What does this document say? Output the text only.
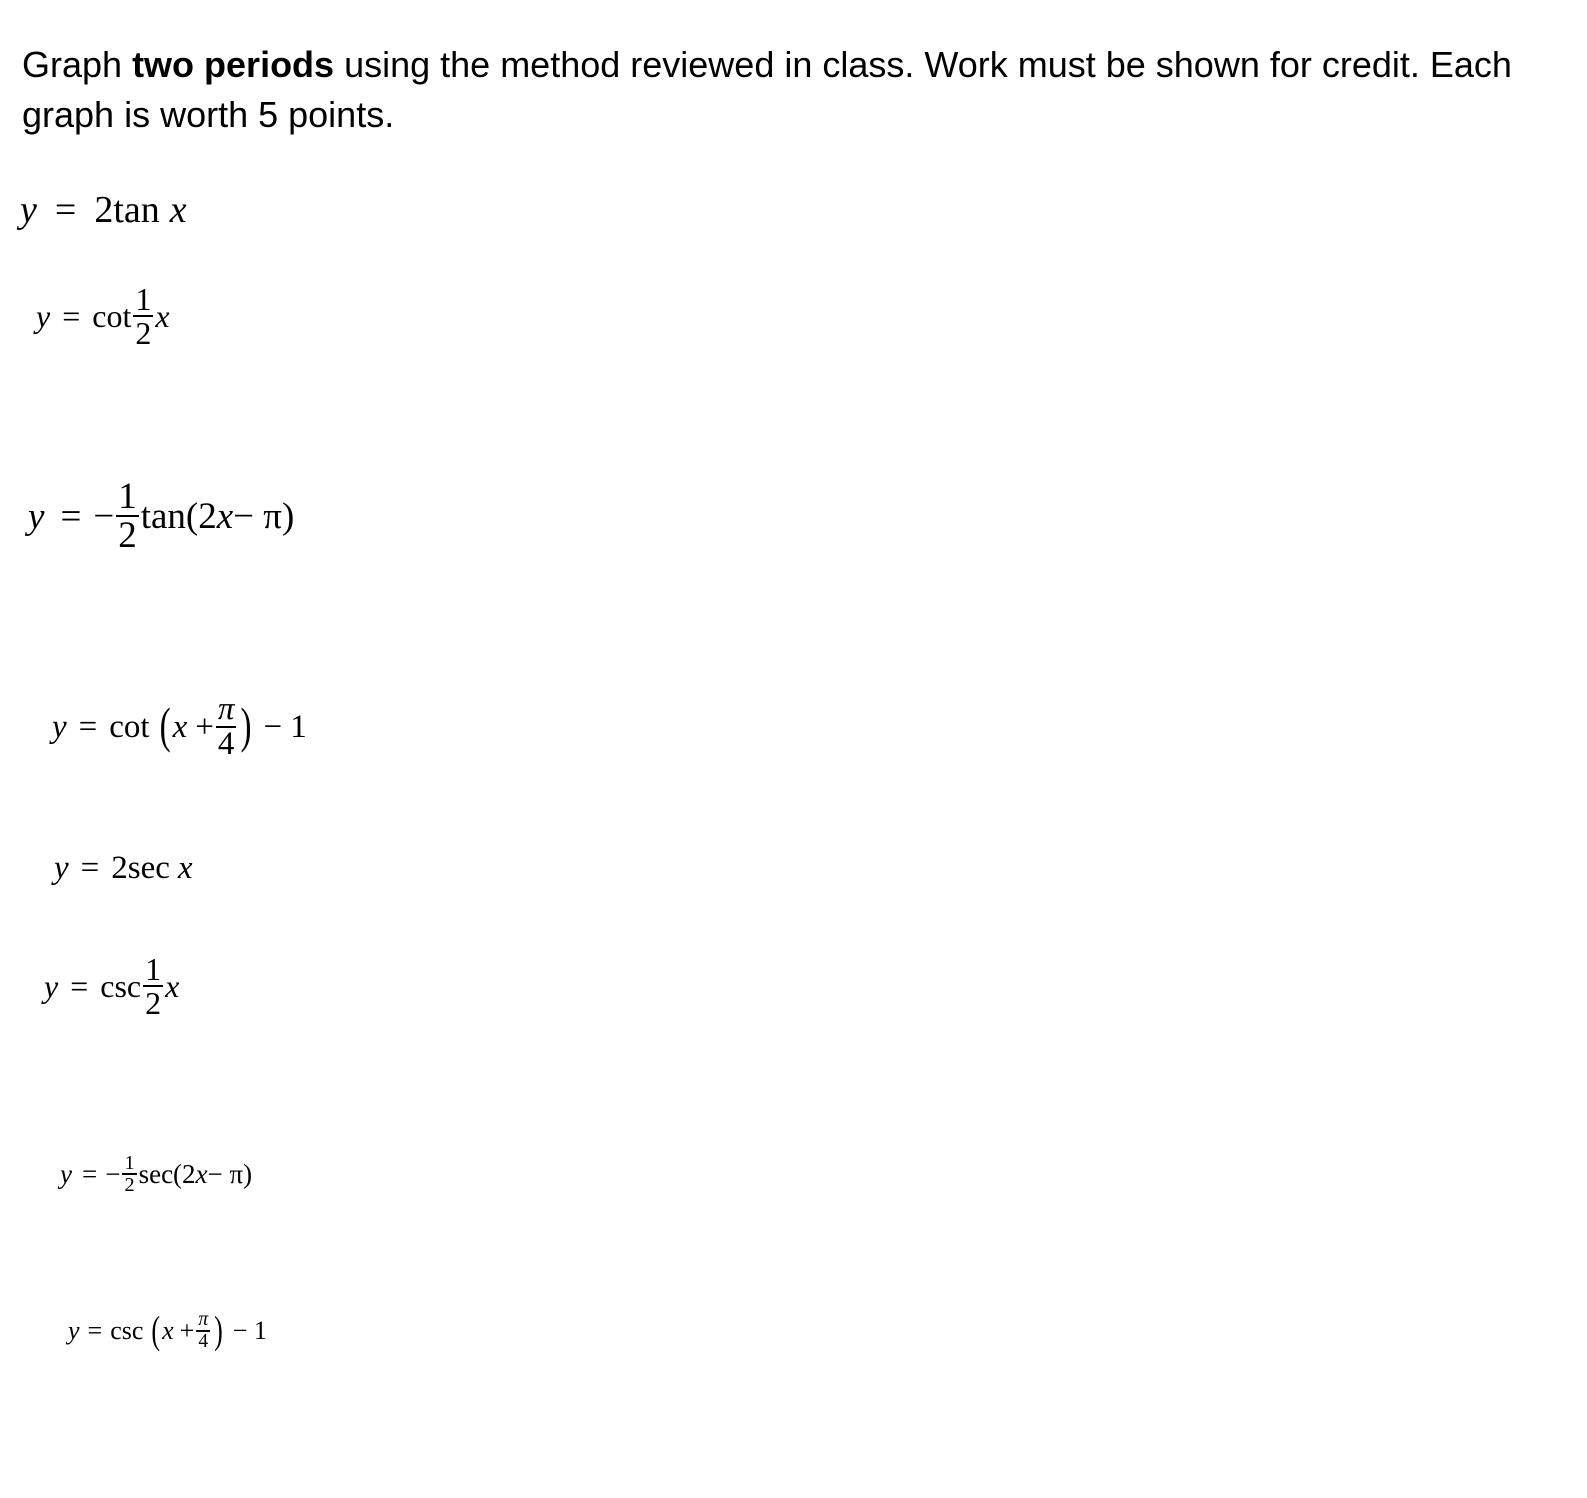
Graph two periods using the method reviewed in class. Work must be shown for credit. Each graph is worth 5 points.

y = 2tan x
$y = \cot \frac{1}{2}$ x
y = − $\frac{1}{2} \tan(2$ x − π)
y = cot ( $x + \frac{\pi}{4}$ ) − 1
y = 2sec x
$y = \csc \frac{1}{2}$ x
y = − $\frac{1}{2} \sec(2$ x − π)
y = csc ( $x + \frac{\pi}{4}$ ) − 1
